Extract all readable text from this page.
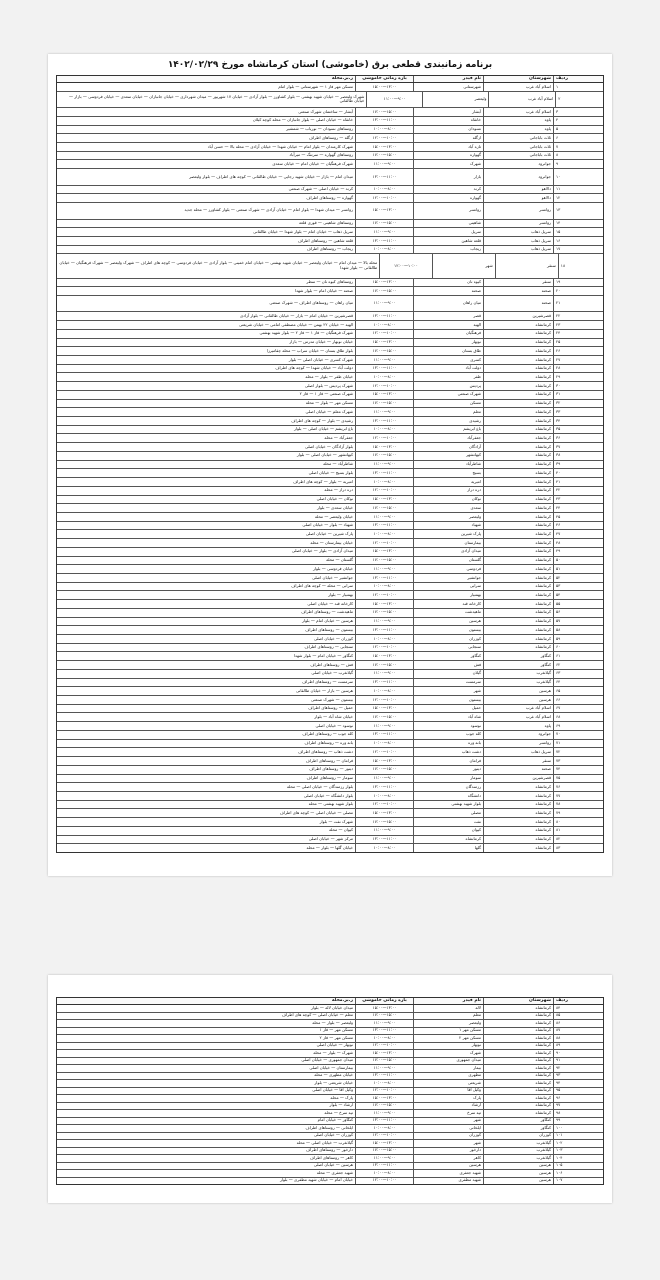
برنامه زمانبندی قطعی برق (خاموشی) استان کرمانشاه مورخ ۱۴۰۲/۰۲/۲۹
ردیف
شهرستان
نام فیدر
بازه زمانی خاموشی
ز.بر.محله
۱
اسلام آباد غرب
شهرستانی
۱۵:۰۰—۱۳:۰۰
مسکن مهر فاز ۱ — شهرستانی — بلوار امام
۲
اسلام آباد غرب
ولیعصر
۱۱:۰۰—۹:۰۰
شهرک ولیعصر — خیابان شهید بهشتی — بلوار کشاورز — بلوار آزادی — خیابان ۱۷ شهریور — میدان شهرداری — خیابان جانبازان — خیابان سعدی — خیابان فردوسی — بازار — خیابان طالقانی
۳
اسلام آباد غرب
آبشار
۱۷:۰۰—۱۵:۰۰
آبشار — ساختمان شهرک صنعتی
۴
پاوه
خانقاه
۱۳:۰۰—۱۱:۰۰
خانقاه — خیابان اصلی — بلوار جانبازان — محله کوچه کیلان
۵
پاوه
نسودان
۱۰:۰۰—۸:۰۰
روستاهای نسودان — نوریاب — شمشیر
۶
ثلاث باباجانی
ازگله
۱۲:۰۰—۱۰:۰۰
ازگله — روستاهای اطراف
۷
ثلاث باباجانی
تازه آباد
۱۵:۰۰—۱۳:۰۰
شهرک کارمندان — بلوار امام — خیابان شهدا — خیابان آزادی — محله بالا — حسن آباد
۸
ثلاث باباجانی
گهواره
۱۷:۰۰—۱۵:۰۰
روستاهای گهواره — سرتنگ — میرآباد
۹
جوانرود
شهرک
۱۱:۰۰—۹:۰۰
شهرک فرهنگیان — خیابان امام — خیابان سعدی
۱۰
جوانرود
بازار
۱۳:۰۰—۱۱:۰۰
میدان امام — بازار — خیابان شهید رجایی — خیابان طالقانی — کوچه های اطراف — بلوار ولیعصر
۱۱
دالاهو
کرند
۱۰:۰۰—۸:۰۰
کرند — خیابان اصلی — شهرک صنعتی
۱۲
دالاهو
گهواره
۱۲:۰۰—۱۰:۰۰
گهواره — روستاهای اطراف
۱۳
روانسر
روانسر
۱۵:۰۰—۱۳:۰۰
روانسر — میدان شهدا — بلوار امام — خیابان آزادی — شهرک صنعتی — بلوار کشاورز — محله جدید
۱۴
روانسر
شاهینی
۱۷:۰۰—۱۵:۰۰
روستاهای شاهینی — قوری قلعه
۱۵
سرپل ذهاب
سرپل
۱۱:۰۰—۹:۰۰
سرپل ذهاب — خیابان امام — بلوار شهدا — خیابان طالقانی
۱۶
سرپل ذهاب
قلعه شاهین
۱۳:۰۰—۱۱:۰۰
قلعه شاهین — روستاهای اطراف
۱۷
سرپل ذهاب
ریجاب
۱۰:۰۰—۸:۰۰
ریجاب — روستاهای اطراف
۱۸
سنقر
شهر
۱۲:۰۰—۱۰:۰۰
محله بالا — میدان امام — خیابان ولیعصر — خیابان شهید بهشتی — خیابان امام خمینی — بلوار آزادی — خیابان فردوسی — کوچه های اطراف — شهرک ولیعصر — شهرک فرهنگیان — خیابان طالقانی — بلوار شهدا
۱۹
سنقر
کیوه نان
۱۵:۰۰—۱۳:۰۰
روستاهای کیوه نان — سطر
۲۰
صحنه
صحنه
۱۷:۰۰—۱۵:۰۰
صحنه — خیابان امام — بلوار شهدا
۲۱
صحنه
میان راهان
۱۱:۰۰—۹:۰۰
میان راهان — روستاهای اطراف — شهرک صنعتی
۲۲
قصرشیرین
قصر
۱۳:۰۰—۱۱:۰۰
قصرشیرین — خیابان امام — بازار — خیابان طالقانی — بلوار آزادی
۲۳
کرمانشاه
الهیه
۱۰:۰۰—۸:۰۰
الهیه — خیابان ۲۲ بهمن — خیابان مصطفی امامی — خیابان شریعتی
۲۴
کرمانشاه
فرهنگیان
۱۲:۰۰—۱۰:۰۰
شهرک فرهنگیان — فاز ۱ — فاز ۲ — بلوار شهید بهشتی
۲۵
کرمانشاه
نوبهار
۱۵:۰۰—۱۳:۰۰
خیابان نوبهار — خیابان مدرس — بازار
۲۶
کرمانشاه
طاق بستان
۱۷:۰۰—۱۵:۰۰
بلوار طاق بستان — خیابان سراب — محله چقامیرزا
۲۷
کرمانشاه
کسری
۱۱:۰۰—۹:۰۰
شهرک کسری — خیابان اصلی — بلوار
۲۸
کرمانشاه
دولت آباد
۱۳:۰۰—۱۱:۰۰
دولت آباد — خیابان شهدا — کوچه های اطراف
۲۹
کرمانشاه
ظفر
۱۰:۰۰—۸:۰۰
خیابان ظفر — بلوار — محله
۳۰
کرمانشاه
پردیس
۱۲:۰۰—۱۰:۰۰
شهرک پردیس — بلوار اصلی
۳۱
کرمانشاه
شهرک صنعتی
۱۵:۰۰—۱۳:۰۰
شهرک صنعتی — فاز ۱ — فاز ۲
۳۲
کرمانشاه
مسکن
۱۷:۰۰—۱۵:۰۰
مسکن مهر — بلوار — محله
۳۳
کرمانشاه
معلم
۱۱:۰۰—۹:۰۰
شهرک معلم — خیابان اصلی
۳۴
کرمانشاه
رشیدی
۱۳:۰۰—۱۱:۰۰
رشیدی — بلوار — کوچه های اطراف
۳۵
کرمانشاه
باغ ابریشم
۱۰:۰۰—۸:۰۰
باغ ابریشم — خیابان اصلی — بلوار
۳۶
کرمانشاه
جعفرآباد
۱۲:۰۰—۱۰:۰۰
جعفرآباد — محله
۳۷
کرمانشاه
آزادگان
۱۵:۰۰—۱۳:۰۰
بلوار آزادگان — خیابان اصلی
۳۸
کرمانشاه
کیهانشهر
۱۷:۰۰—۱۵:۰۰
کیهانشهر — خیابان اصلی — بلوار
۳۹
کرمانشاه
شاطرآباد
۱۱:۰۰—۹:۰۰
شاطرآباد — محله
۴۰
کرمانشاه
بسیج
۱۳:۰۰—۱۱:۰۰
بلوار بسیج — خیابان اصلی
۴۱
کرمانشاه
امیریه
۱۰:۰۰—۸:۰۰
امیریه — بلوار — کوچه های اطراف
۴۲
کرمانشاه
دره دراز
۱۲:۰۰—۱۰:۰۰
دره دراز — محله
۴۳
کرمانشاه
نوکان
۱۵:۰۰—۱۳:۰۰
نوکان — خیابان اصلی
۴۴
کرمانشاه
سعدی
۱۷:۰۰—۱۵:۰۰
خیابان سعدی — بلوار
۴۵
کرمانشاه
ولیعصر
۱۱:۰۰—۹:۰۰
خیابان ولیعصر — محله
۴۶
کرمانشاه
شهیاد
۱۳:۰۰—۱۱:۰۰
شهیاد — بلوار — خیابان اصلی
۴۷
کرمانشاه
پارک شیرین
۱۰:۰۰—۸:۰۰
پارک شیرین — خیابان اصلی
۴۸
کرمانشاه
بیمارستان
۱۲:۰۰—۱۰:۰۰
خیابان بیمارستان — محله
۴۹
کرمانشاه
میدان آزادی
۱۵:۰۰—۱۳:۰۰
میدان آزادی — بلوار — خیابان اصلی
۵۰
کرمانشاه
گلستان
۱۷:۰۰—۱۵:۰۰
گلستان — محله
۵۱
کرمانشاه
فردوسی
۱۱:۰۰—۹:۰۰
خیابان فردوسی — بلوار
۵۲
کرمانشاه
جوانشیر
۱۳:۰۰—۱۱:۰۰
جوانشیر — خیابان اصلی
۵۳
کرمانشاه
سرابی
۱۰:۰۰—۸:۰۰
سرابی — محله — کوچه های اطراف
۵۴
کرمانشاه
بهمنیار
۱۲:۰۰—۱۰:۰۰
بهمنیار — بلوار
۵۵
کرمانشاه
کارخانه قند
۱۵:۰۰—۱۳:۰۰
کارخانه قند — خیابان اصلی
۵۶
کرمانشاه
ماهیدشت
۱۷:۰۰—۱۵:۰۰
ماهیدشت — روستاهای اطراف
۵۷
کرمانشاه
هرسین
۱۱:۰۰—۹:۰۰
هرسین — خیابان امام — بلوار
۵۸
کرمانشاه
بیستون
۱۳:۰۰—۱۱:۰۰
بیستون — روستاهای اطراف
۵۹
کرمانشاه
کوزران
۱۰:۰۰—۸:۰۰
کوزران — خیابان اصلی
۶۰
کرمانشاه
سنجابی
۱۲:۰۰—۱۰:۰۰
سنجابی — روستاهای اطراف
۶۱
کنگاور
کنگاور
۱۵:۰۰—۱۳:۰۰
کنگاور — خیابان امام — بلوار شهدا
۶۲
کنگاور
فش
۱۷:۰۰—۱۵:۰۰
فش — روستاهای اطراف
۶۳
گیلانغرب
گیلان
۱۱:۰۰—۹:۰۰
گیلانغرب — خیابان اصلی
۶۴
گیلانغرب
سرمست
۱۳:۰۰—۱۱:۰۰
سرمست — روستاهای اطراف
۶۵
هرسین
شهر
۱۰:۰۰—۸:۰۰
هرسین — بازار — خیابان طالقانی
۶۶
هرسین
بیستون
۱۲:۰۰—۱۰:۰۰
بیستون — شهرک صنعتی
۶۷
اسلام آباد غرب
حمیل
۱۵:۰۰—۱۳:۰۰
حمیل — روستاهای اطراف
۶۸
اسلام آباد غرب
شاه آباد
۱۷:۰۰—۱۵:۰۰
خیابان شاه آباد — بلوار
۶۹
پاوه
نوسود
۱۱:۰۰—۹:۰۰
نوسود — خیابان اصلی
۷۰
جوانرود
کله جوب
۱۳:۰۰—۱۱:۰۰
کله جوب — روستاهای اطراف
۷۱
روانسر
بانه وره
۱۰:۰۰—۸:۰۰
بانه وره — روستاهای اطراف
۷۲
سرپل ذهاب
دشت ذهاب
۱۲:۰۰—۱۰:۰۰
دشت ذهاب — روستاهای اطراف
۷۳
سنقر
فرامان
۱۵:۰۰—۱۳:۰۰
فرامان — روستاهای اطراف
۷۴
صحنه
دینور
۱۷:۰۰—۱۵:۰۰
دینور — روستاهای اطراف
۷۵
قصرشیرین
سومار
۱۱:۰۰—۹:۰۰
سومار — روستاهای اطراف
۷۶
کرمانشاه
رزمندگان
۱۳:۰۰—۱۱:۰۰
بلوار رزمندگان — خیابان اصلی — محله
۷۷
کرمانشاه
دانشگاه
۱۰:۰۰—۸:۰۰
بلوار دانشگاه — خیابان اصلی
۷۸
کرمانشاه
بلوار شهید بهشتی
۱۲:۰۰—۱۰:۰۰
بلوار شهید بهشتی — محله
۷۹
کرمانشاه
مصلی
۱۵:۰۰—۱۳:۰۰
مصلی — خیابان اصلی — کوچه های اطراف
۸۰
کرمانشاه
نفت
۱۷:۰۰—۱۵:۰۰
شهرک نفت — بلوار
۸۱
کرمانشاه
کیوان
۱۱:۰۰—۹:۰۰
کیوان — محله
۸۲
کرمانشاه
کرمانشاه
۱۳:۰۰—۱۱:۰۰
مرکز شهر — خیابان اصلی
۸۳
کرمانشاه
گلها
۱۰:۰۰—۸:۰۰
خیابان گلها — بلوار — محله
ردیف
شهرستان
نام فیدر
بازه زمانی خاموشی
ز.بر.محله
۸۴
کرمانشاه
لاله
۱۵:۰۰—۱۳:۰۰
میدان خیابان لاله — بلوار
۸۵
کرمانشاه
معلم
۱۷:۰۰—۱۵:۰۰
معلم — خیابان اصلی — کوچه های اطراف
۸۶
کرمانشاه
ولیعصر
۱۱:۰۰—۹:۰۰
ولیعصر — بلوار — محله
۸۷
کرمانشاه
مسکن مهر ۱
۱۳:۰۰—۱۱:۰۰
مسکن مهر — فاز ۱
۸۸
کرمانشاه
مسکن مهر ۲
۱۰:۰۰—۸:۰۰
مسکن مهر — فاز ۲
۸۹
کرمانشاه
نوبهار
۱۲:۰۰—۱۰:۰۰
نوبهار — خیابان اصلی
۹۰
کرمانشاه
شهرک
۱۵:۰۰—۱۳:۰۰
شهرک — بلوار — محله
۹۱
کرمانشاه
میدان جمهوری
۱۷:۰۰—۱۵:۰۰
میدان جمهوری — خیابان اصلی
۹۲
کرمانشاه
بیمار
۱۱:۰۰—۹:۰۰
بیمارستان — خیابان اصلی
۹۳
کرمانشاه
مطهری
۱۳:۰۰—۱۱:۰۰
خیابان مطهری — محله
۹۴
کرمانشاه
شریعتی
۱۰:۰۰—۸:۰۰
خیابان شریعتی — بلوار
۹۵
کرمانشاه
وکیل آقا
۱۲:۰۰—۱۰:۰۰
وکیل آقا — خیابان اصلی
۹۶
کرمانشاه
پارک
۱۵:۰۰—۱۳:۰۰
پارک — محله
۹۷
کرمانشاه
ارشاد
۱۷:۰۰—۱۵:۰۰
ارشاد — بلوار
۹۸
کرمانشاه
تپه سرخ
۱۱:۰۰—۹:۰۰
تپه سرخ — محله
۹۹
کنگاور
شهر
۱۳:۰۰—۱۱:۰۰
کنگاور — خیابان امام
۱۰۰
کنگاور
ایلخانی
۱۰:۰۰—۸:۰۰
ایلخانی — روستاهای اطراف
۱۰۱
کوزران
کوزران
۱۲:۰۰—۱۰:۰۰
کوزران — خیابان اصلی
۱۰۲
گیلانغرب
شهر
۱۵:۰۰—۱۳:۰۰
گیلانغرب — خیابان اصلی — محله
۱۰۳
گیلانغرب
دارخور
۱۷:۰۰—۱۵:۰۰
دارخور — روستاهای اطراف
۱۰۴
گیلانغرب
کاهر
۱۱:۰۰—۹:۰۰
کاهر — روستاهای اطراف
۱۰۵
هرسین
هرسین
۱۳:۰۰—۱۱:۰۰
هرسین — خیابان اصلی
۱۰۶
هرسین
شهید جعفری
۱۰:۰۰—۸:۰۰
شهید جعفری — محله
۱۰۷
هرسین
شهید مظفری
۱۲:۰۰—۱۰:۰۰
خیابان امام — خیابان شهید مظفری — بلوار
